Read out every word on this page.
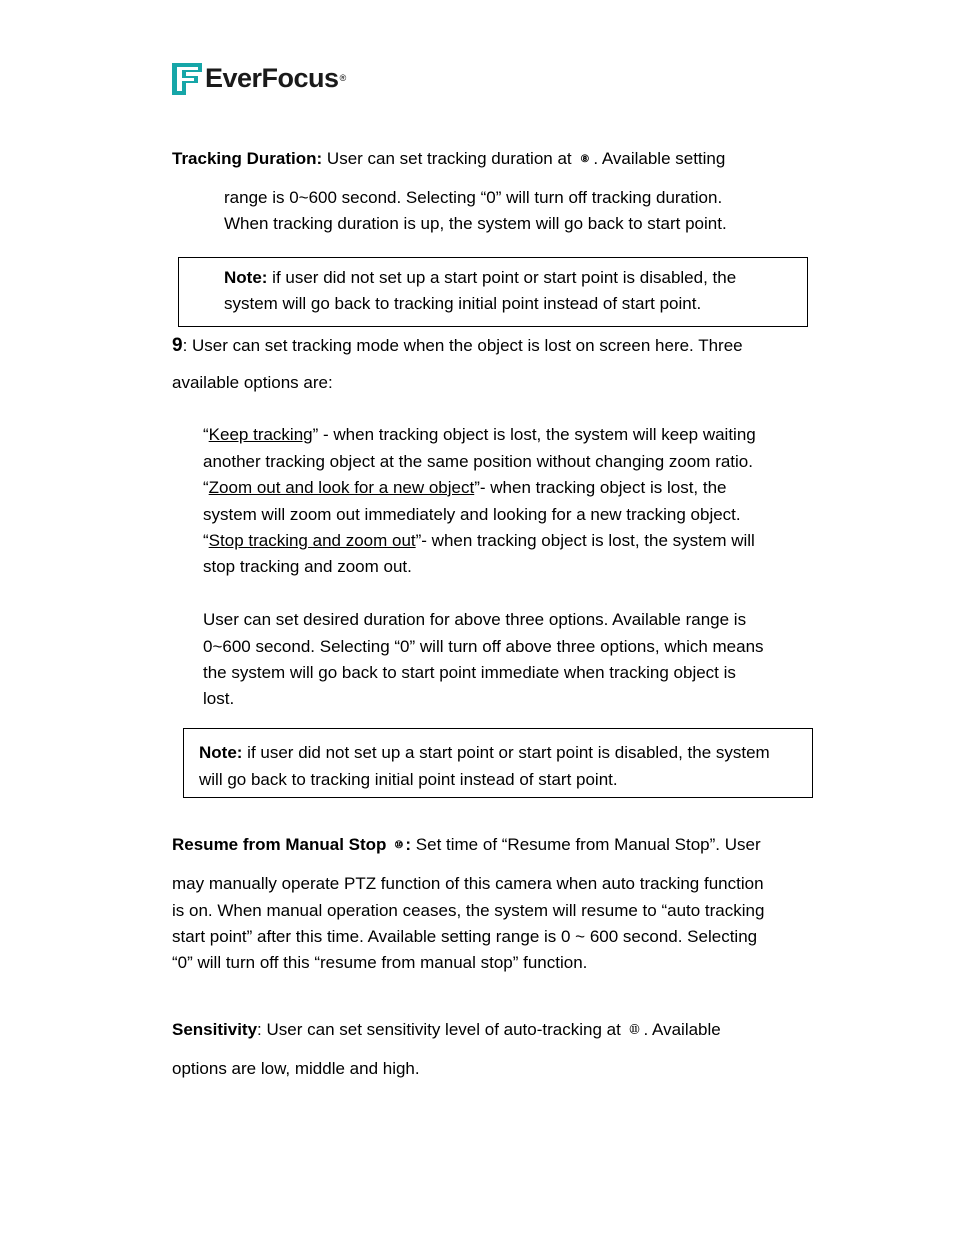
EverFocus ®

Tracking Duration: User can set tracking duration at ⑧ . Available setting

range is 0~600 second. Selecting “0” will turn off tracking duration.

When tracking duration is up, the system will go back to start point.

Note: if user did not set up a start point or start point is disabled, the

system will go back to tracking initial point instead of start point.

9: User can set tracking mode when the object is lost on screen here. Three

available options are:

“Keep tracking” - when tracking object is lost, the system will keep waiting

another tracking object at the same position without changing zoom ratio.

“Zoom out and look for a new object”- when tracking object is lost, the

system will zoom out immediately and looking for a new tracking object.

“Stop tracking and zoom out”- when tracking object is lost, the system will

stop tracking and zoom out.

User can set desired duration for above three options. Available range is

0~600 second. Selecting “0” will turn off above three options, which means

the system will go back to start point immediate when tracking object is

lost.

Note: if user did not set up a start point or start point is disabled, the system

will go back to tracking initial point instead of start point.

Resume from Manual Stop ⑩ : Set time of “Resume from Manual Stop”. User

may manually operate PTZ function of this camera when auto tracking function

is on. When manual operation ceases, the system will resume to “auto tracking

start point” after this time. Available setting range is 0 ~ 600 second. Selecting

“0” will turn off this “resume from manual stop” function.

Sensitivity: User can set sensitivity level of auto-tracking at ⑪ . Available

options are low, middle and high.
